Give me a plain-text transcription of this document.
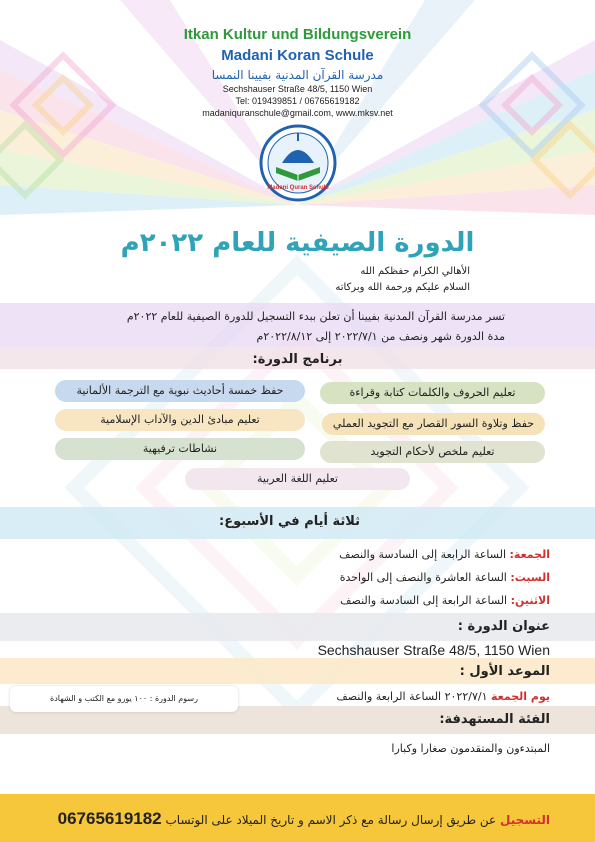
Itkan Kultur und Bildungsverein
Madani Koran Schule
مدرسة القرآن المدنية بفيينا النمسا
Sechshauser Straße 48/5, 1150 Wien
Tel: 019439851 / 06765619182
madaniquranschule@gmail.com, www.mksv.net
Madani Quran Schule
الدورة الصيفية للعام ٢٠٢٢م
الأهالي الكرام حفظكم الله
السلام عليكم ورحمة الله وبركاته
تسر مدرسة القرآن المدنية بفيينا أن تعلن ببدء التسجيل للدورة الصيفية للعام ٢٠٢٢م
مدة الدورة شهر ونصف من ٢٠٢٢/٧/١ إلى ٢٠٢٢/٨/١٢م
برنامج الدورة:
تعليم الحروف والكلمات كتابة وقراءة
حفظ خمسة أحاديث نبوية مع الترجمة الألمانية
حفظ وتلاوة السور القصار مع التجويد العملي
تعليم مبادئ الدين والآداب الإسلامية
تعليم ملخص لأحكام التجويد
نشاطات ترفيهية
تعليم اللغة العربية
ثلاثة أيام في الأسبوع:
الجمعة: الساعة الرابعة إلى السادسة والنصف
السبت: الساعة العاشرة والنصف إلى الواحدة
الاثنين: الساعة الرابعة إلى السادسة والنصف
عنوان الدورة :
Sechshauser Straße 48/5, 1150 Wien
الموعد الأول :
يوم الجمعة ٢٠٢٢/٧/١ الساعة الرابعة والنصف
رسوم الدورة : ١٠٠ يورو مع الكتب و الشهادة
الفئة المستهدفة:
المبتدءون والمتقدمون صغارا وكبارا
التسجيل عن طريق إرسال رسالة مع ذكر الاسم و تاريخ الميلاد على الوتساب 06765619182
